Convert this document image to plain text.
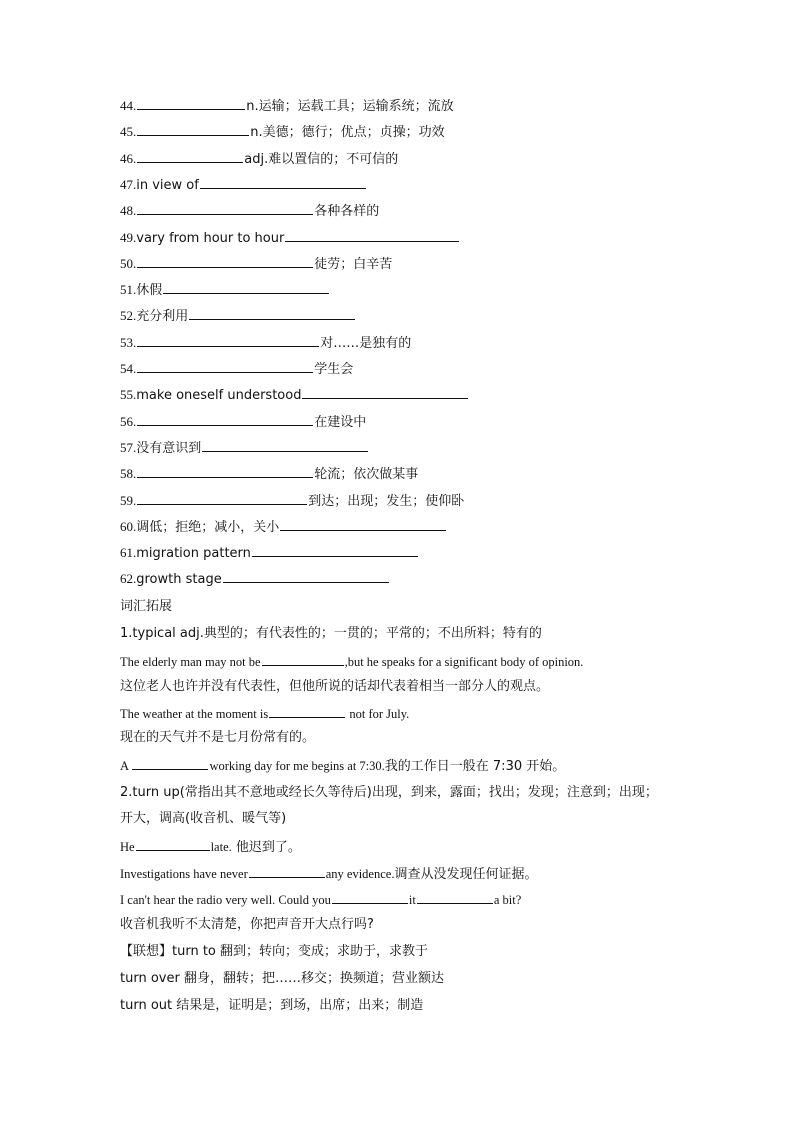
44.	n.运输；运载工具；运输系统；流放
45.	n.美德；德行；优点；贞操；功效
46.	adj.难以置信的；不可信的
47.in view of
48.	各种各样的
49.vary from hour to hour
50.	徒劳；白辛苦
51.休假
52.充分利用
53.	对……是独有的
54.	学生会
55.make oneself understood
56.	在建设中
57.没有意识到
58.	轮流；依次做某事
59.	到达；出现；发生；使仰卧
60.调低；拒绝；减小，关小
61.migration pattern
62.growth stage
词汇拓展
1.typical adj.典型的；有代表性的；一贯的；平常的；不出所料；特有的
The elderly man may not be	,but he speaks for a significant body of opinion.
这位老人也许并没有代表性，但他所说的话却代表着相当一部分人的观点。
The weather at the moment is	not for July.
现在的天气并不是七月份常有的。
A	working day for me begins at 7:30.我的工作日一般在 7:30 开始。
2.turn up(常指出其不意地或经长久等待后)出现，到来，露面；找出；发现；注意到；出现；
开大，调高(收音机、暖气等)
He	late. 他迟到了。
Investigations have never	any evidence.调查从没发现任何证据。
I can't hear the radio very well. Could you	it	a bit?
收音机我听不太清楚，你把声音开大点行吗?
【联想】turn to 翻到；转向；变成；求助于，求教于
turn over 翻身，翻转；把……移交；换频道；营业额达
turn out 结果是，证明是；到场，出席；出来；制造
